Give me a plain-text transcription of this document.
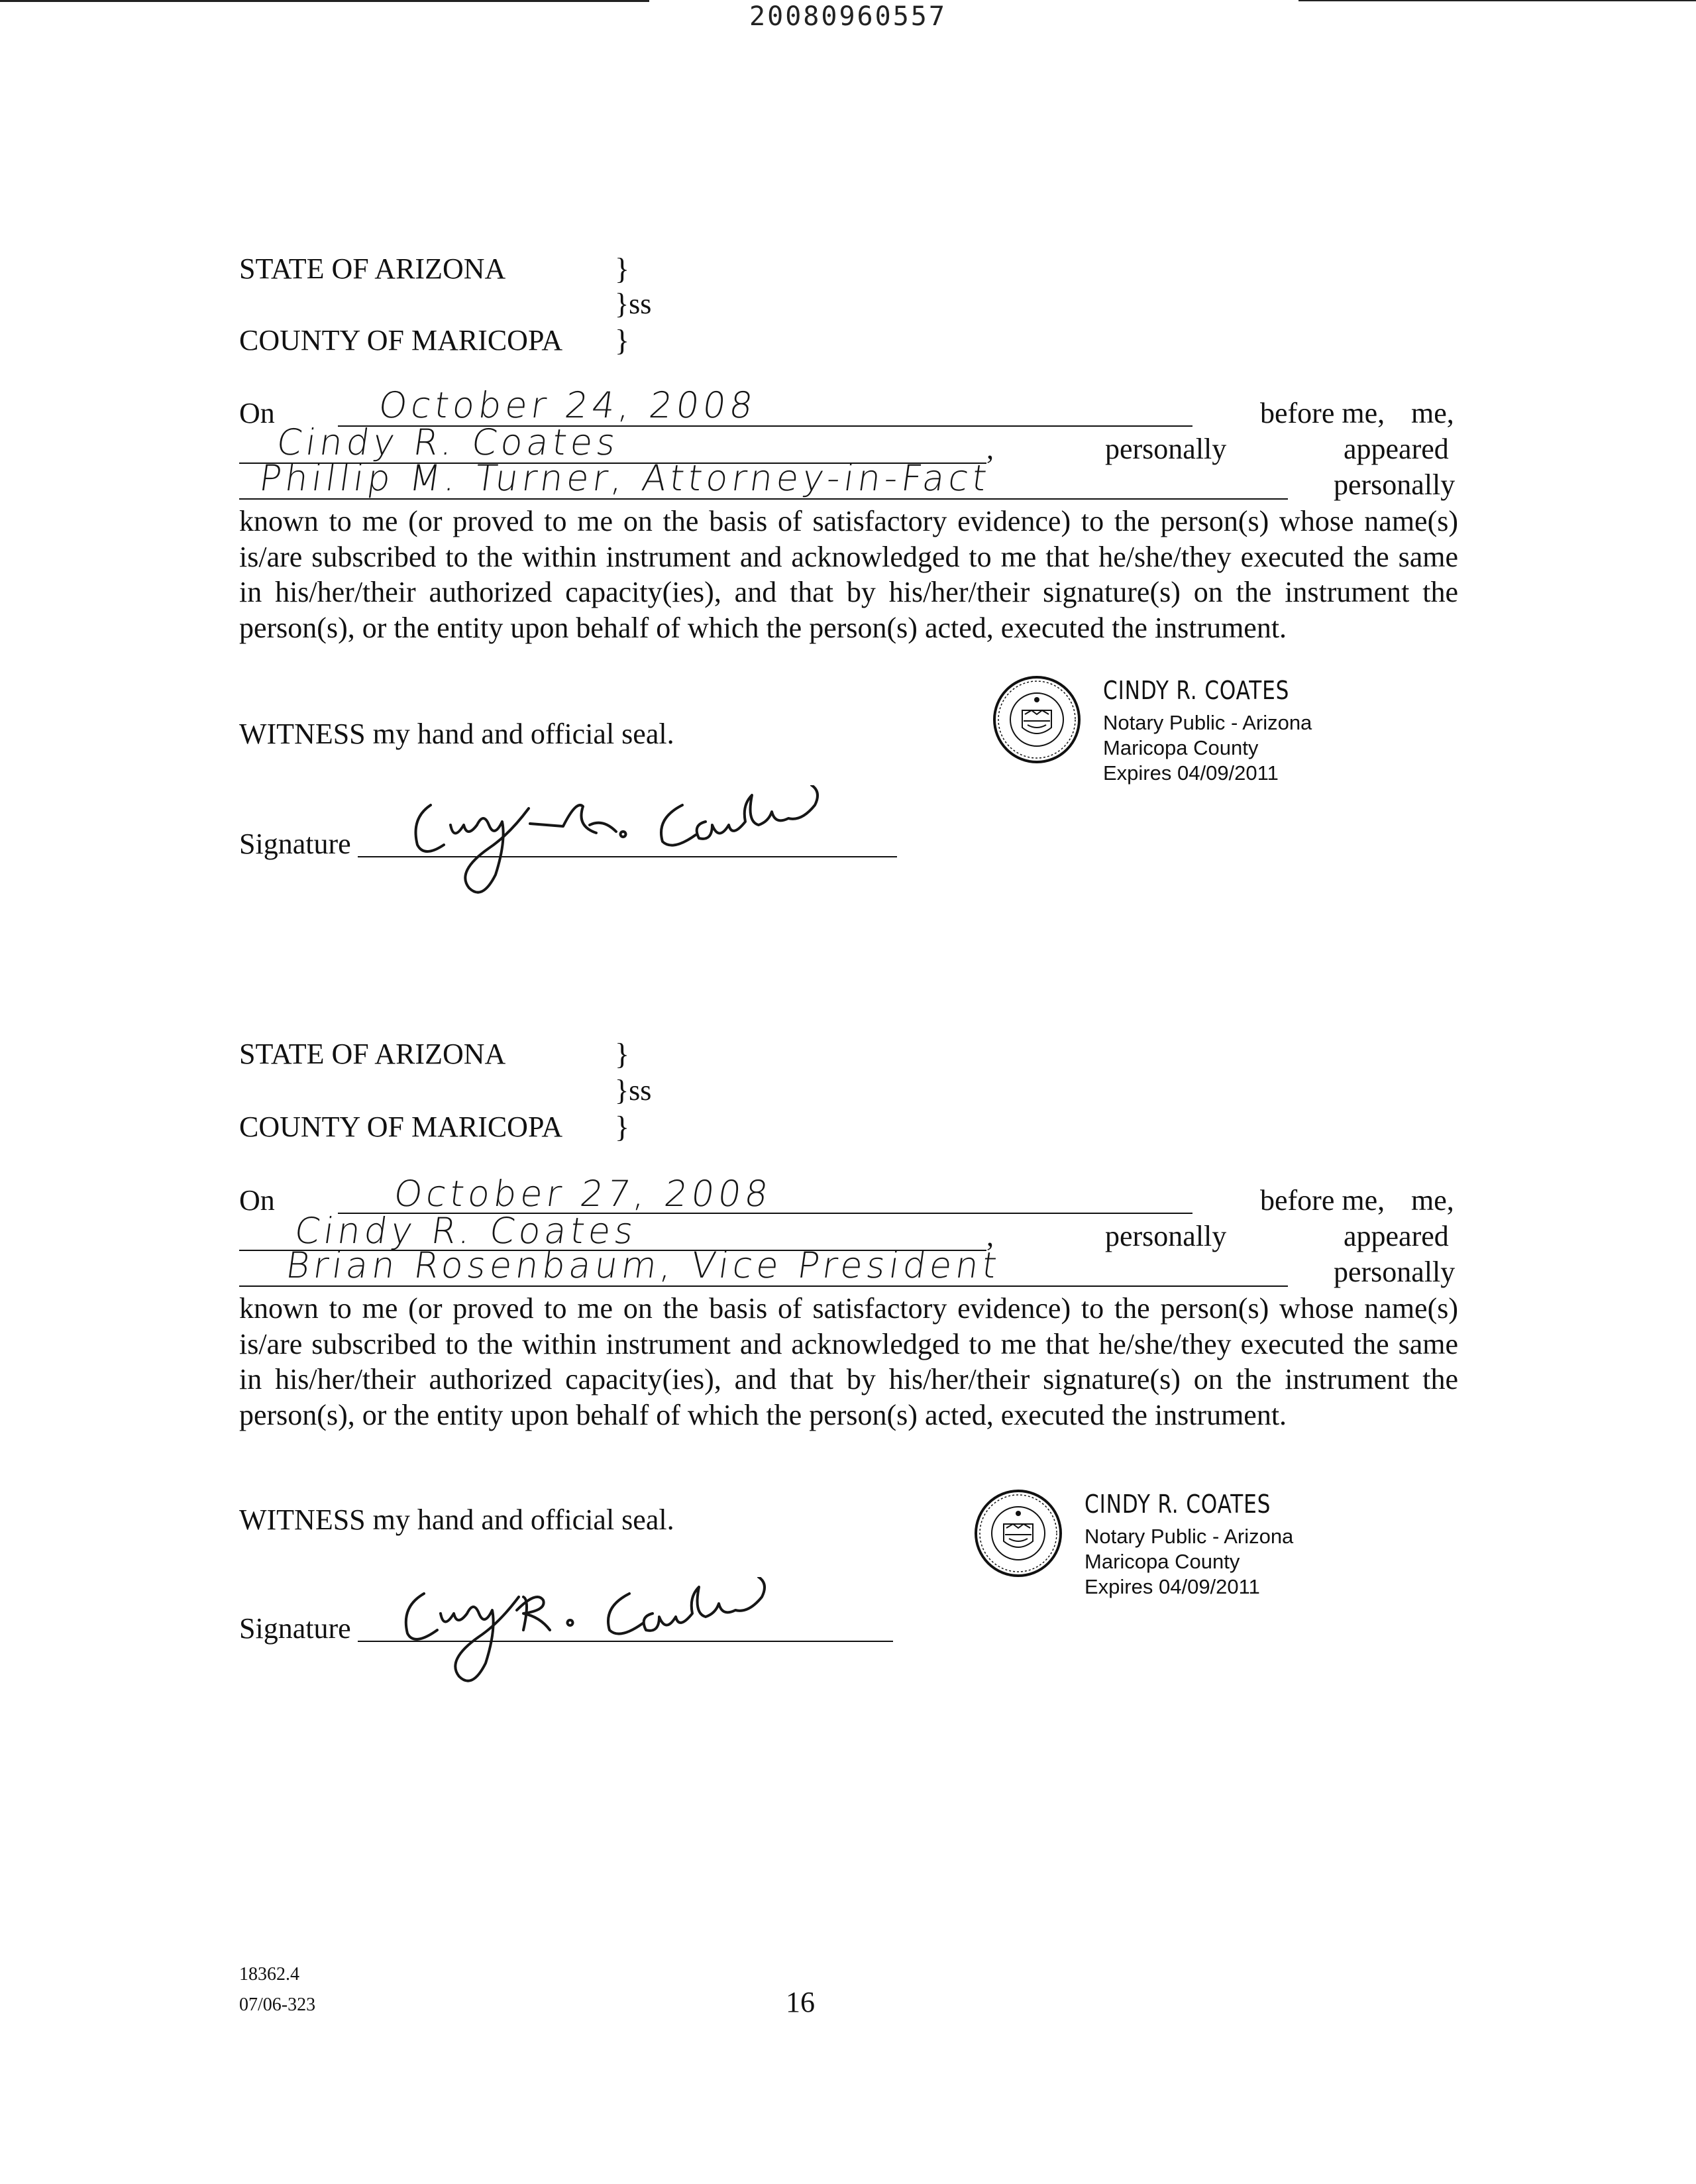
20080960557
STATE OF ARIZONA	}
}ss
COUNTY OF MARICOPA }
On	October 24, 2008	before me, me,
Cindy R. Coates	,	personally	appeared
Phillip M. Turner, Attorney-in-Fact	personally
known to me (or proved to me on the basis of satisfactory evidence) to the person(s) whose name(s) is/are subscribed to the within instrument and acknowledged to me that he/she/they executed the same in his/her/their authorized capacity(ies), and that by his/her/their signature(s) on the instrument the person(s), or the entity upon behalf of which the person(s) acted, executed the instrument.
WITNESS my hand and official seal.
CINDY R. COATES
Notary Public - Arizona
Maricopa County
Expires 04/09/2011
Signature
STATE OF ARIZONA	}
}ss
COUNTY OF MARICOPA }
On	October 27, 2008	before me, me,
Cindy R. Coates	,	personally	appeared
Brian Rosenbaum, Vice President	personally
known to me (or proved to me on the basis of satisfactory evidence) to the person(s) whose name(s) is/are subscribed to the within instrument and acknowledged to me that he/she/they executed the same in his/her/their authorized capacity(ies), and that by his/her/their signature(s) on the instrument the person(s), or the entity upon behalf of which the person(s) acted, executed the instrument.
WITNESS my hand and official seal.	CINDY R. COATES
Notary Public - Arizona
Maricopa County
Expires 04/09/2011
Signature
18362.4
07/06-323	16
